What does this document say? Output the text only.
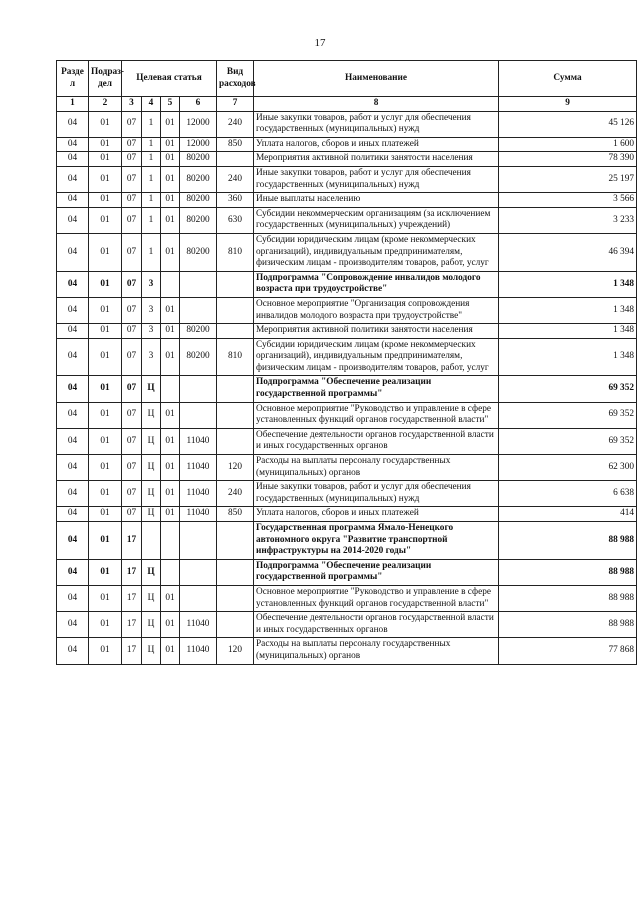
17
Разде л	Подраз- дел	Целевая статья				Вид расходов	Наименование	Сумма
1	2	3	4	5	6	7	8	9
04	01	07	1	01	12000	240	Иные закупки товаров, работ и услуг для обеспечения государственных (муниципальных) нужд	45 126
04	01	07	1	01	12000	850	Уплата налогов, сборов и иных платежей	1 600
04	01	07	1	01	80200		Мероприятия активной политики занятости населения	78 390
04	01	07	1	01	80200	240	Иные закупки товаров, работ и услуг для обеспечения государственных (муниципальных) нужд	25 197
04	01	07	1	01	80200	360	Иные выплаты населению	3 566
04	01	07	1	01	80200	630	Субсидии некоммерческим организациям (за исключением государственных (муниципальных) учреждений)	3 233
04	01	07	1	01	80200	810	Субсидии юридическим лицам (кроме некоммерческих организаций), индивидуальным предпринимателям, физическим лицам - производителям товаров, работ, услуг	46 394
04	01	07	3				Подпрограмма "Сопровождение инвалидов молодого возраста при трудоустройстве"	1 348
04	01	07	3	01			Основное мероприятие "Организация сопровождения инвалидов молодого возраста при трудоустройстве"	1 348
04	01	07	3	01	80200		Мероприятия активной политики занятости населения	1 348
04	01	07	3	01	80200	810	Субсидии юридическим лицам (кроме некоммерческих организаций), индивидуальным предпринимателям, физическим лицам - производителям товаров, работ, услуг	1 348
04	01	07	Ц				Подпрограмма "Обеспечение реализации государственной программы"	69 352
04	01	07	Ц	01			Основное мероприятие "Руководство и управление в сфере установленных функций органов государственной власти"	69 352
04	01	07	Ц	01	11040		Обеспечение деятельности органов государственной власти и иных государственных органов	69 352
04	01	07	Ц	01	11040	120	Расходы на выплаты персоналу государственных (муниципальных) органов	62 300
04	01	07	Ц	01	11040	240	Иные закупки товаров, работ и услуг для обеспечения государственных (муниципальных) нужд	6 638
04	01	07	Ц	01	11040	850	Уплата налогов, сборов и иных платежей	414
04	01	17					Государственная программа Ямало-Ненецкого автономного округа "Развитие транспортной инфраструктуры на 2014-2020 годы"	88 988
04	01	17	Ц				Подпрограмма "Обеспечение реализации государственной программы"	88 988
04	01	17	Ц	01			Основное мероприятие "Руководство и управление в сфере установленных функций органов государственной власти"	88 988
04	01	17	Ц	01	11040		Обеспечение деятельности органов государственной власти и иных государственных органов	88 988
04	01	17	Ц	01	11040	120	Расходы на выплаты персоналу государственных (муниципальных) органов	77 868
